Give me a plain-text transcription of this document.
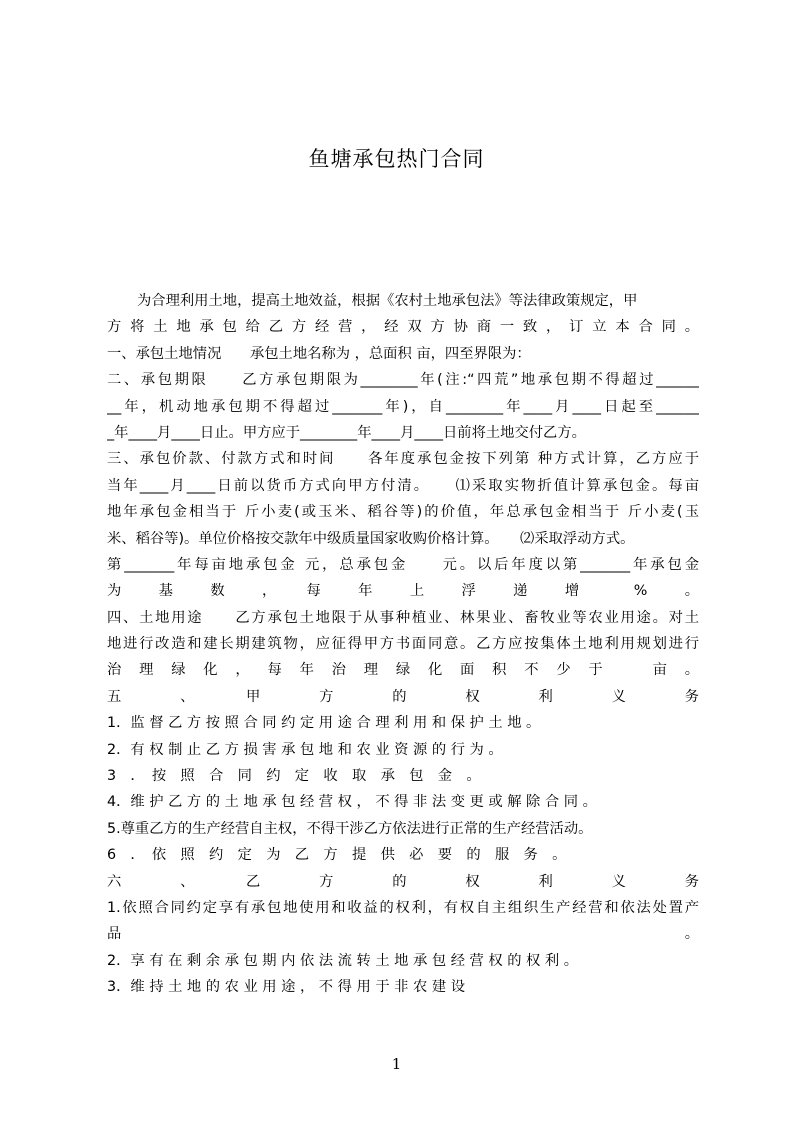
鱼塘承包热门合同
为合理利用土地，提高土地效益，根据《农村土地承包法》等法律政策规定，甲
方 将 土 地 承 包 给 乙 方 经 营 ， 经 双 方 协 商 一 致 ， 订 立 本 合 同 。
一、承包土地情况　　承包土地名称为 ，总面积 亩，四至界限为：
二、承包期限　　乙方承包期限为________年(注:“四荒”地承包期不得超过______
__年，机动地承包期不得超过_______年)，自________年____月____日起至______
_年____月____日止。甲方应于________年____月____日前将土地交付乙方。
三、承包价款、付款方式和时间　　各年度承包金按下列第 种方式计算，乙方应于
当年____月____日前以货币方式向甲方付清。　　⑴采取实物折值计算承包金。每亩
地年承包金相当于 斤小麦(或玉米、稻谷等)的价值，年总承包金相当于 斤小麦(玉
米、稻谷等)。单位价格按交款年中级质量国家收购价格计算。　　⑵采取浮动方式。
第_______年每亩地承包金 元，总承包金　　元。以后年度以第_______年承包金
为　　基　　数　　，　　每　　年　　上　　浮　　递　　增　　　%　　。
四、土地用途　　乙方承包土地限于从事种植业、林果业、畜牧业等农业用途。对土
地进行改造和建长期建筑物，应征得甲方书面同意。乙方应按集体土地利用规划进行
治 理 绿 化 ， 每 年 治 理 绿 化 面 积 不 少 于 　 亩 。
五　　、　　甲　　方　　的　　权　　利　　义　　务
1．监 督 乙 方 按 照 合 同 约 定 用 途 合 理 利 用 和 保 护 土 地 。
2．有 权 制 止 乙 方 损 害 承 包 地 和 农 业 资 源 的 行 为 。
3　．　按　照　合　同　约　定　收　取　承　包　金　。
4．维 护 乙 方 的 土 地 承 包 经 营 权 ， 不 得 非 法 变 更 或 解 除 合 同 。
5.尊重乙方的生产经营自主权，不得干涉乙方依法进行正常的生产经营活动。
6　．　依　照　约　定　为　乙　方　提　供　必　要　的　服　务　。
六　　、　　乙　　方　　的　　权　　利　　义　　务
1.依照合同约定享有承包地使用和收益的权利，有权自主组织生产经营和依法处置产
品　　　　　　　　　　　　　　　　　　　　　　　　　　　　　　　　　　。
2．享 有 在 剩 余 承 包 期 内 依 法 流 转 土 地 承 包 经 营 权 的 权 利 。
3．维 持 土 地 的 农 业 用 途 ， 不 得 用 于 非 农 建 设
1
